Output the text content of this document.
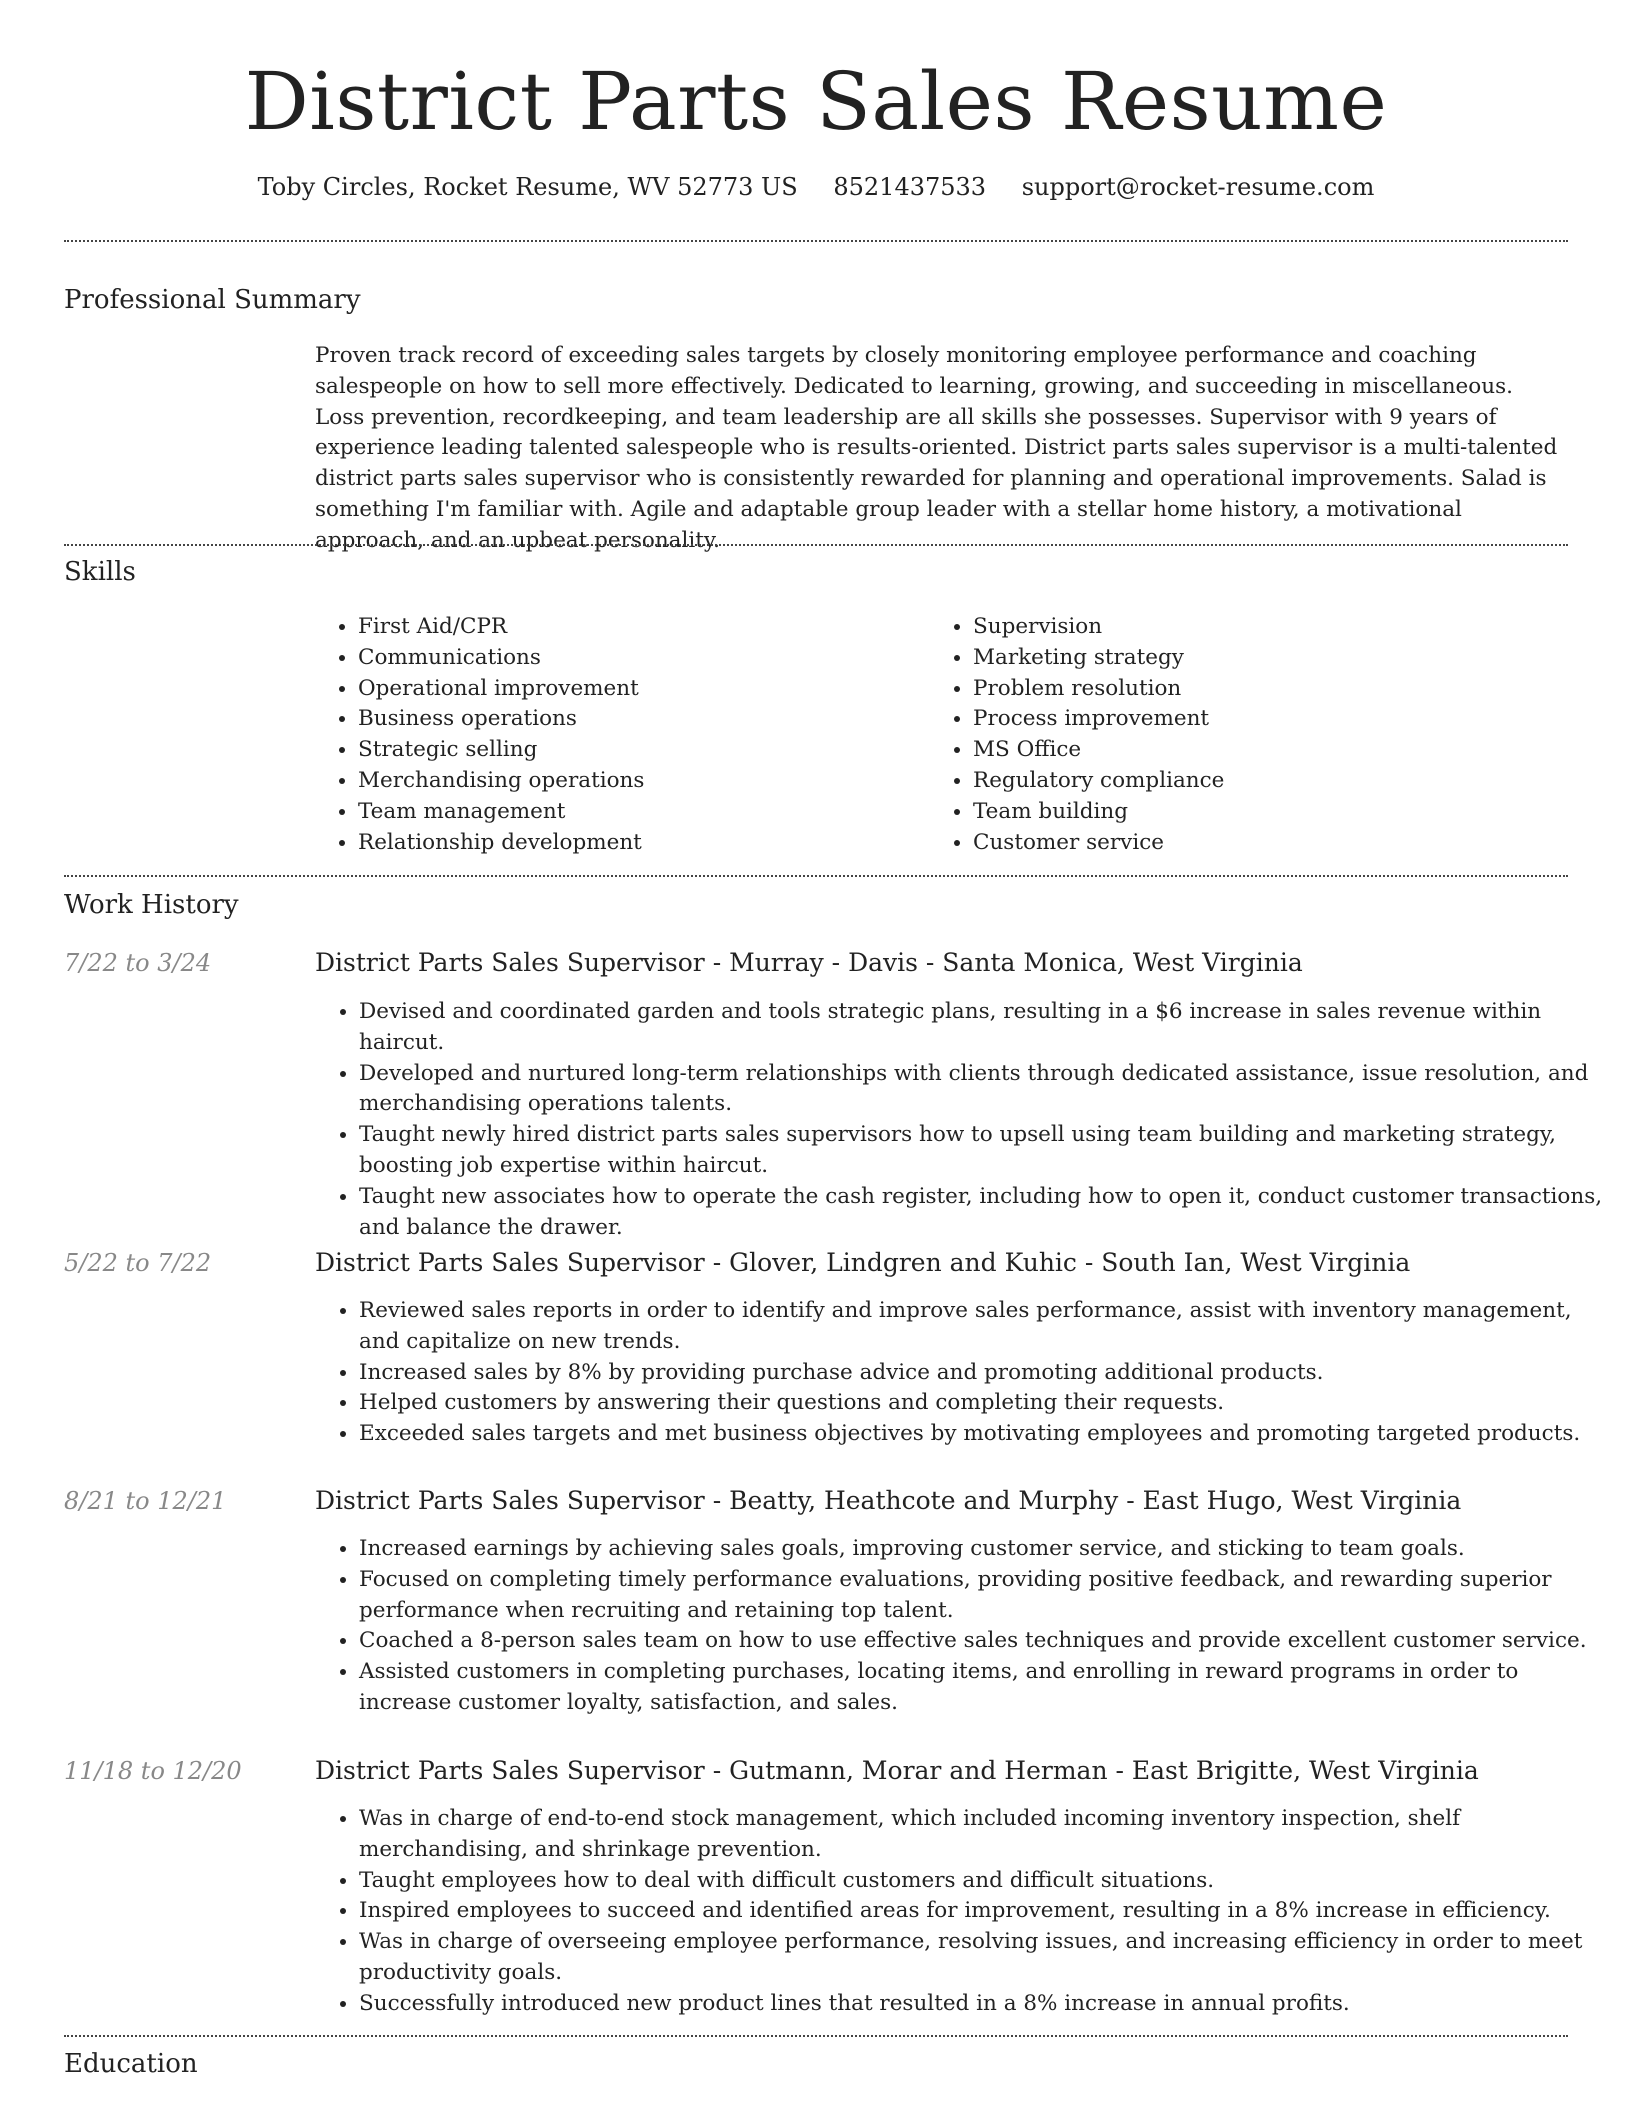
District Parts Sales Resume
Toby Circles, Rocket Resume, WV 52773 US 8521437533 support@rocket-resume.com
Professional Summary

Proven track record of exceeding sales targets by closely monitoring employee performance and coaching salespeople on how to sell more effectively. Dedicated to learning, growing, and succeeding in miscellaneous. Loss prevention, recordkeeping, and team leadership are all skills she possesses. Supervisor with 9 years of experience leading talented salespeople who is results-oriented. District parts sales supervisor is a multi-talented district parts sales supervisor who is consistently rewarded for planning and operational improvements. Salad is something I'm familiar with. Agile and adaptable group leader with a stellar home history, a motivational approach, and an upbeat personality.

Skills
• First Aid/CPR
• Communications
• Operational improvement
• Business operations
• Strategic selling
• Merchandising operations
• Team management
• Relationship development
• Supervision
• Marketing strategy
• Problem resolution
• Process improvement
• MS Office
• Regulatory compliance
• Team building
• Customer service
Work History
7/22 to 3/24	District Parts Sales Supervisor - Murray - Davis - Santa Monica, West Virginia
• Devised and coordinated garden and tools strategic plans, resulting in a $6 increase in sales revenue within haircut.
• Developed and nurtured long-term relationships with clients through dedicated assistance, issue resolution, and merchandising operations talents.
• Taught newly hired district parts sales supervisors how to upsell using team building and marketing strategy, boosting job expertise within haircut.
• Taught new associates how to operate the cash register, including how to open it, conduct customer transactions, and balance the drawer.
5/22 to 7/22	District Parts Sales Supervisor - Glover, Lindgren and Kuhic - South Ian, West Virginia
• Reviewed sales reports in order to identify and improve sales performance, assist with inventory management, and capitalize on new trends.
• Increased sales by 8% by providing purchase advice and promoting additional products.
• Helped customers by answering their questions and completing their requests.
• Exceeded sales targets and met business objectives by motivating employees and promoting targeted products.
8/21 to 12/21	District Parts Sales Supervisor - Beatty, Heathcote and Murphy - East Hugo, West Virginia
• Increased earnings by achieving sales goals, improving customer service, and sticking to team goals.
• Focused on completing timely performance evaluations, providing positive feedback, and rewarding superior performance when recruiting and retaining top talent.
• Coached a 8-person sales team on how to use effective sales techniques and provide excellent customer service.
• Assisted customers in completing purchases, locating items, and enrolling in reward programs in order to increase customer loyalty, satisfaction, and sales.
11/18 to 12/20	District Parts Sales Supervisor - Gutmann, Morar and Herman - East Brigitte, West Virginia
• Was in charge of end-to-end stock management, which included incoming inventory inspection, shelf merchandising, and shrinkage prevention.
• Taught employees how to deal with difficult customers and difficult situations.
• Inspired employees to succeed and identified areas for improvement, resulting in a 8% increase in efficiency.
• Was in charge of overseeing employee performance, resolving issues, and increasing efficiency in order to meet productivity goals.
• Successfully introduced new product lines that resulted in a 8% increase in annual profits.
Education
